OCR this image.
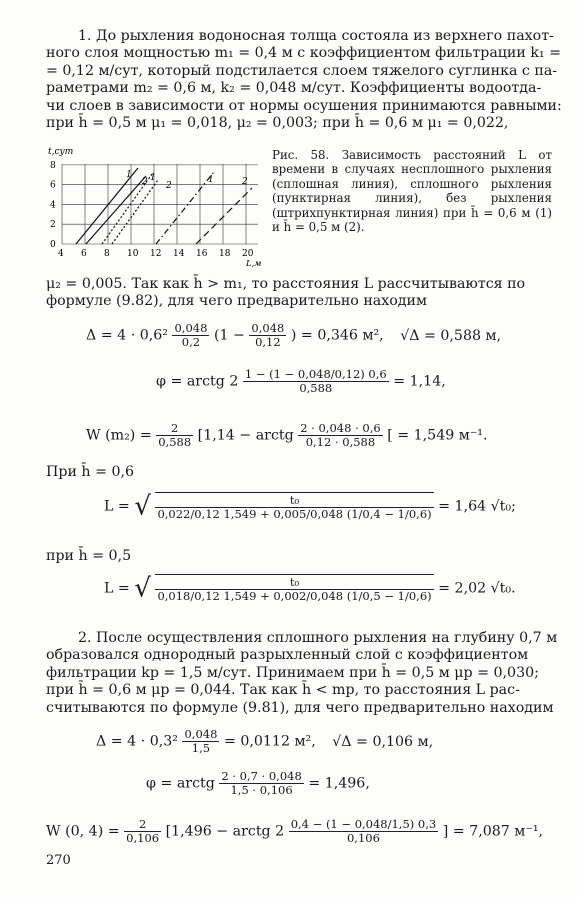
1. До рыхления водоносная толща состояла из верхнего пахот-
ного слоя мощностью m₁ = 0,4 м с коэффициентом фильтрации k₁ =
= 0,12 м/сут, который подстилается слоем тяжелого суглинка с па-
раметрами m₂ = 0,6 м, k₂ = 0,048 м/сут. Коэффициенты водоотда-
чи слоев в зависимости от нормы осушения принимаются равными:
при h̄ = 0,5 м μ₁ = 0,018, μ₂ = 0,003; при h̄ = 0,6 м μ₁ = 0,022,
t,сут
8
6
4
2
0
4 6 8 10 12 14 16 18 20
L,м
1
2 1
2
1	2
Рис. 58. Зависимость расстояний L от времени в случаях несплошного рыхления (сплошная линия), сплошного рыхления (пунктирная линия), без рыхления (штрихпунктирная линия) при h̄ = 0,6 м (1) и h̄ = 0,5 м (2).
μ₂ = 0,005. Так как h̄ > m₁, то расстояния L рассчитываются по
формуле (9.82), для чего предварительно находим
$\Delta = 4 \cdot 0,6^2 \frac{0,048}{0,2} (1 - \frac{0,048}{0,12}$ ) = 0,346 м², √Δ = 0,588 м,
φ = arctg $2 \frac{1 - (1 - 0,048/0,12) 0,6}{0,588} = 1,14$,
W $(m_2) = \frac{2}{0,588} [1,14$ − arctg $\frac{2 \cdot 0,048 \cdot 0,6}{0,12 \cdot 0,588}$ [ = 1,549 м⁻¹.
При h̄ = 0,6
L = √ $\frac{\text{t₀}}{0,022/0,12 1,549 + 0,005/0,048 (1/0,4 - 1/0,6)} = 1,64$ √t₀;
при h̄ = 0,5
L = √ $\frac{\text{t₀}}{0,018/0,12 1,549 + 0,002/0,048 (1/0,5 - 1/0,6)} = 2,02$ √t₀.
2. После осуществления сплошного рыхления на глубину 0,7 м
образовался однородный разрыхленный слой с коэффициентом
фильтрации kр = 1,5 м/сут. Принимаем при h̄ = 0,5 м μр = 0,030;
при h̄ = 0,6 м μр = 0,044. Так как h̄ < mр, то расстояния L рас-
считываются по формуле (9.81), для чего предварительно находим
$\Delta = 4 \cdot 0,3^2 \frac{0,048}{1,5} = 0,0112$ м², √Δ = 0,106 м,
φ = arctg $\frac{2 \cdot 0,7 \cdot 0,048}{1,5 \cdot 0,106} = 1,496$,
W (0, $4) = \frac{2}{0,106} [1,496$ − arctg $2 \frac{0,4 - (1 - 0,048/1,5) 0,3}{0,106}$ ] = 7,087 м⁻¹,
270
